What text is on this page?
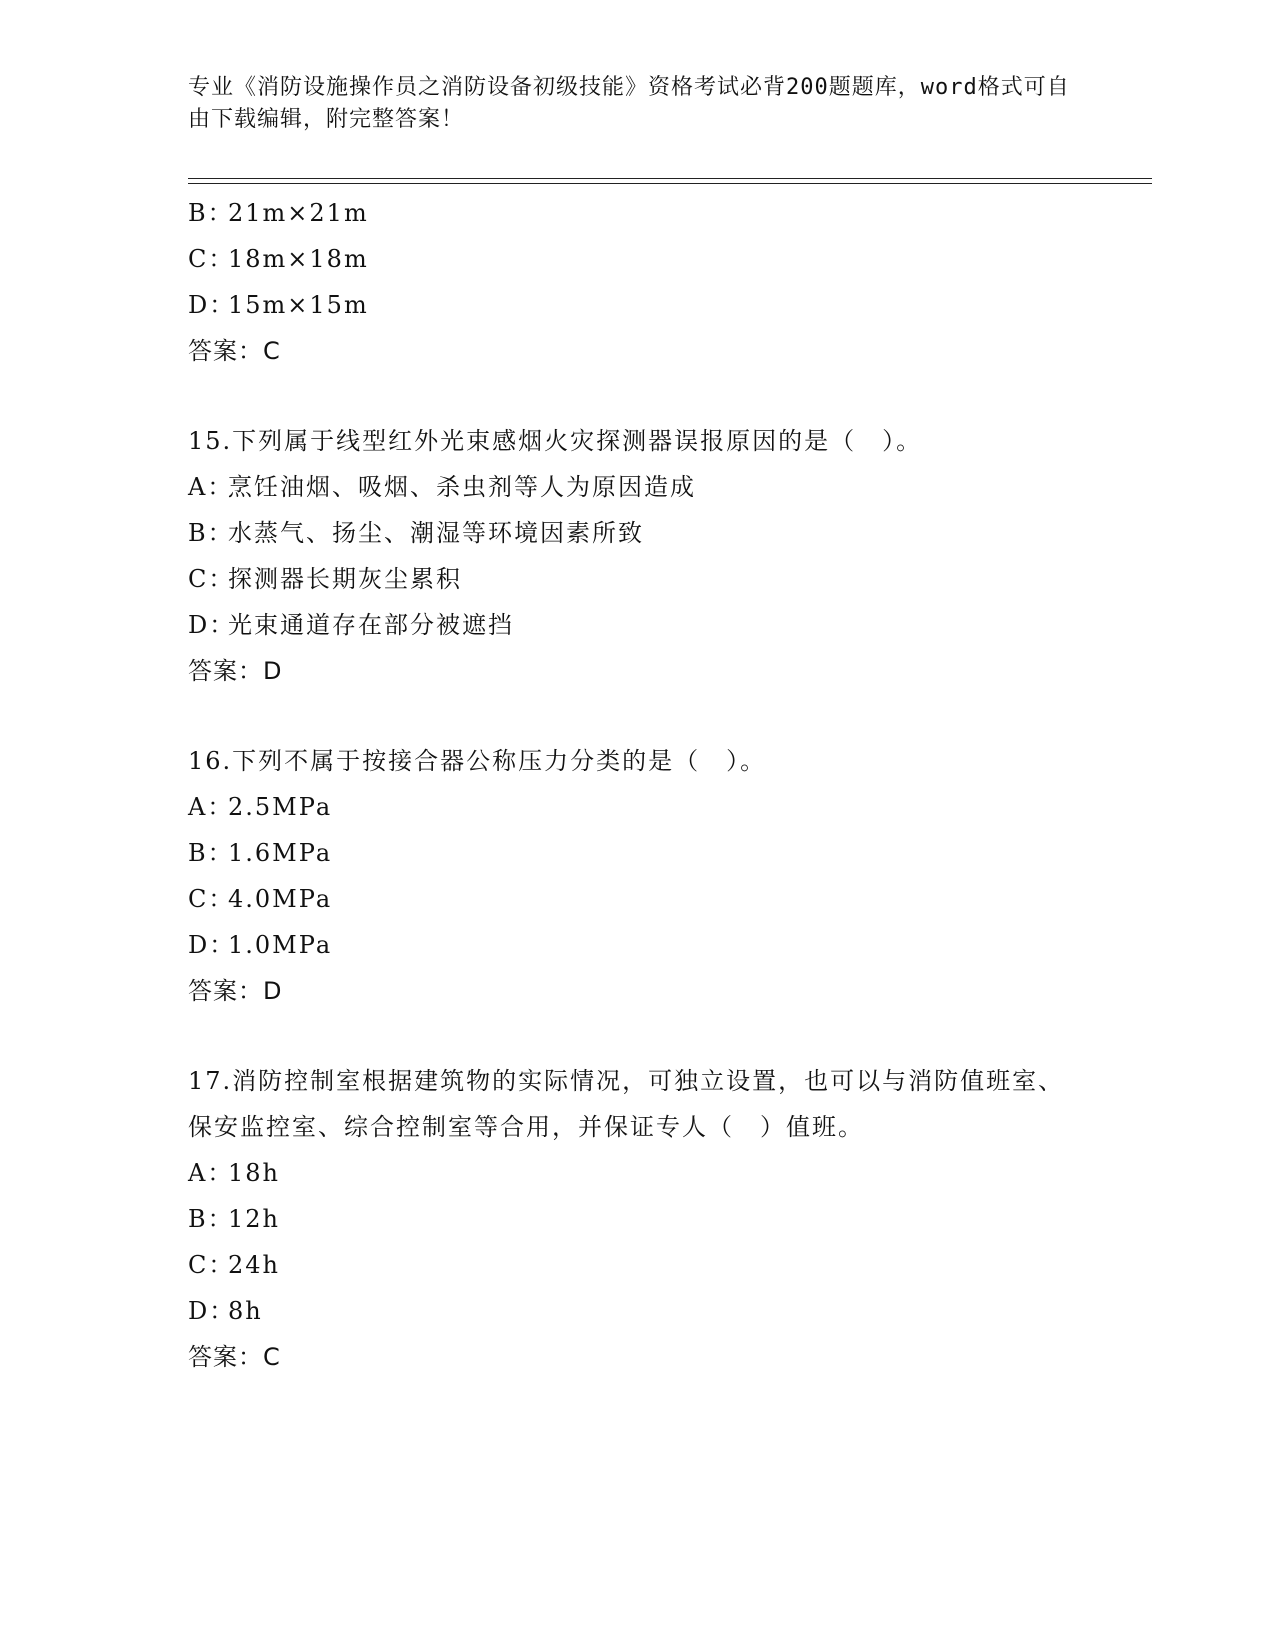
专业《消防设施操作员之消防设备初级技能》资格考试必背200题题库，word格式可自由下载编辑，附完整答案！
B：21m×21m
C：18m×18m
D：15m×15m
答案：C
15.下列属于线型红外光束感烟火灾探测器误报原因的是（　）。
A：烹饪油烟、吸烟、杀虫剂等人为原因造成
B：水蒸气、扬尘、潮湿等环境因素所致
C：探测器长期灰尘累积
D：光束通道存在部分被遮挡
答案：D
16.下列不属于按接合器公称压力分类的是（　）。
A：2.5MPa
B：1.6MPa
C：4.0MPa
D：1.0MPa
答案：D
17.消防控制室根据建筑物的实际情况，可独立设置，也可以与消防值班室、保安监控室、综合控制室等合用，并保证专人（　）值班。
A：18h
B：12h
C：24h
D：8h
答案：C
